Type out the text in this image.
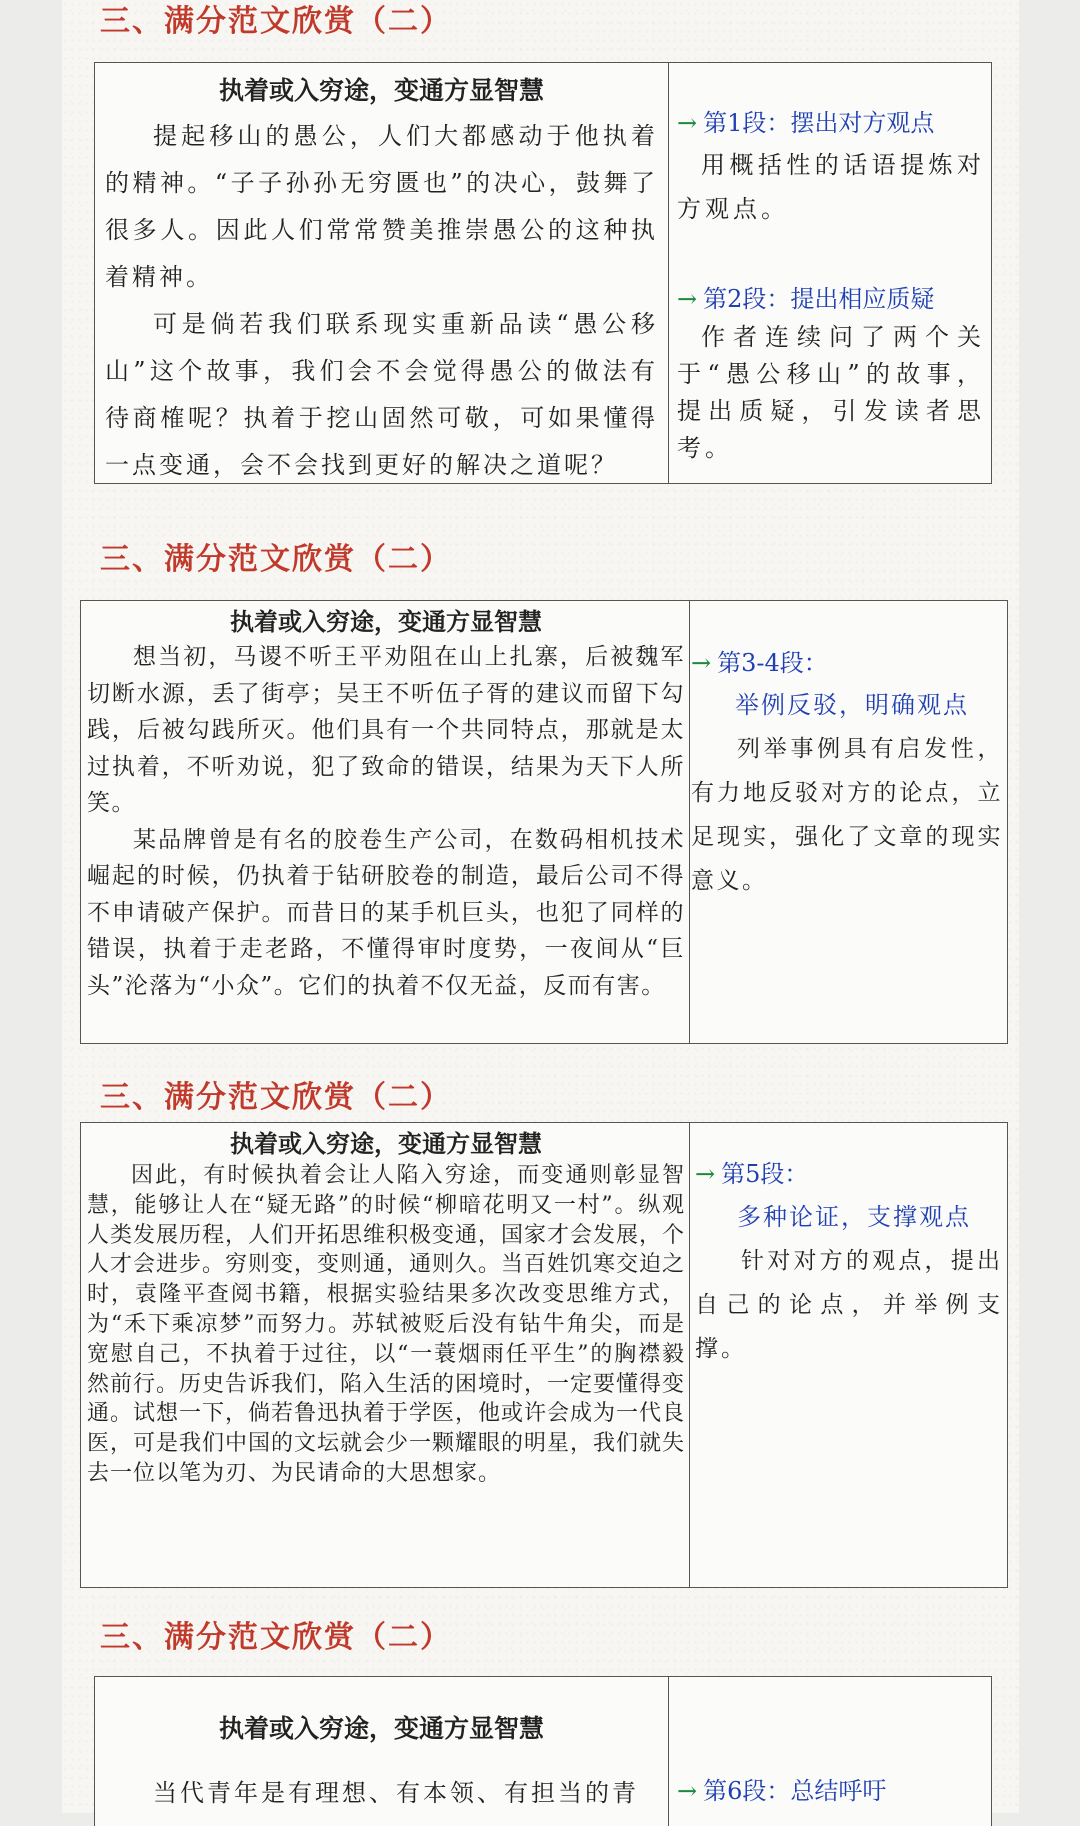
三、满分范文欣赏（二）
执着或入穷途，变通方显智慧

提起移山的愚公，人们大都感动于他执着的精神。“子子孙孙无穷匮也”的决心，鼓舞了很多人。因此人们常常赞美推崇愚公的这种执着精神。

可是倘若我们联系现实重新品读“愚公移山”这个故事，我们会不会觉得愚公的做法有待商榷呢？执着于挖山固然可敬，可如果懂得一点变通，会不会找到更好的解决之道呢？

→ 第1段：摆出对方观点

用概括性的话语提炼对方观点。

→ 第2段：提出相应质疑

作者连续问了两个关于“愚公移山”的故事，提出质疑，引发读者思考。

三、满分范文欣赏（二）
执着或入穷途，变通方显智慧

想当初，马谡不听王平劝阻在山上扎寨，后被魏军切断水源，丢了街亭；吴王不听伍子胥的建议而留下勾践，后被勾践所灭。他们具有一个共同特点，那就是太过执着，不听劝说，犯了致命的错误，结果为天下人所笑。

某品牌曾是有名的胶卷生产公司，在数码相机技术崛起的时候，仍执着于钻研胶卷的制造，最后公司不得不申请破产保护。而昔日的某手机巨头，也犯了同样的错误，执着于走老路，不懂得审时度势，一夜间从“巨头”沦落为“小众”。它们的执着不仅无益，反而有害。

→ 第3-4段：

举例反驳，明确观点

列举事例具有启发性，有力地反驳对方的论点，立足现实，强化了文章的现实意义。

三、满分范文欣赏（二）
执着或入穷途，变通方显智慧

因此，有时候执着会让人陷入穷途，而变通则彰显智慧，能够让人在“疑无路”的时候“柳暗花明又一村”。纵观人类发展历程，人们开拓思维积极变通，国家才会发展，个人才会进步。穷则变，变则通，通则久。当百姓饥寒交迫之时，袁隆平查阅书籍，根据实验结果多次改变思维方式，为“禾下乘凉梦”而努力。苏轼被贬后没有钻牛角尖，而是宽慰自己，不执着于过往，以“一蓑烟雨任平生”的胸襟毅然前行。历史告诉我们，陷入生活的困境时，一定要懂得变通。试想一下，倘若鲁迅执着于学医，他或许会成为一代良医，可是我们中国的文坛就会少一颗耀眼的明星，我们就失去一位以笔为刃、为民请命的大思想家。

→ 第5段：

多种论证，支撑观点

针对对方的观点，提出自己的论点，并举例支撑。

三、满分范文欣赏（二）
执着或入穷途，变通方显智慧

当代青年是有理想、有本领、有担当的青	→ 第6段：总结呼吁
